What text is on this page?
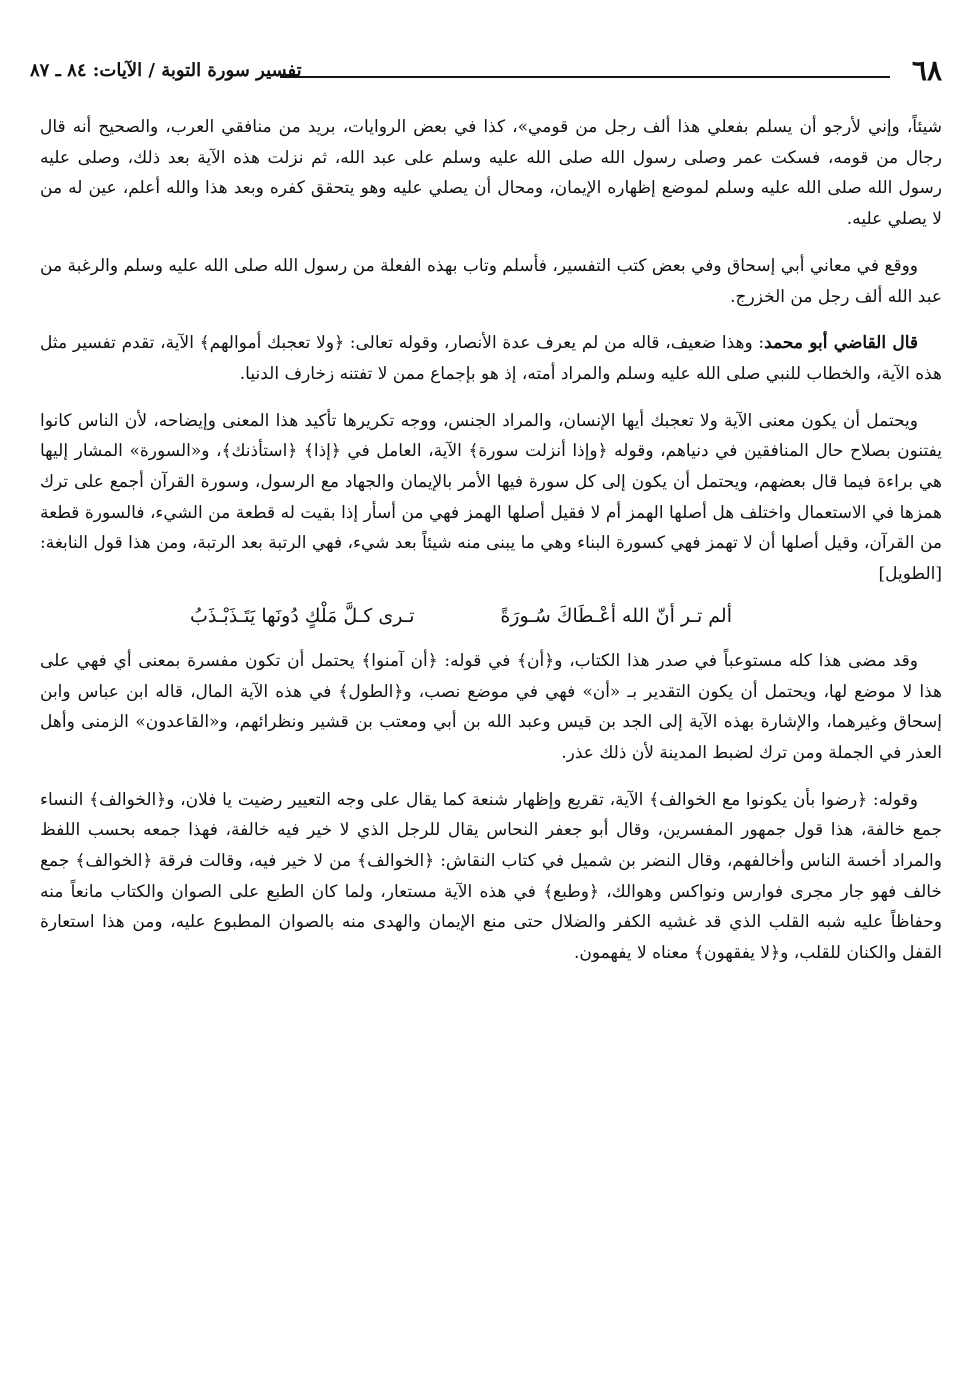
٦٨
تفسير سورة التوبة / الآيات: ٨٤ ـ ٨٧

شيئاً، وإني لأرجو أن يسلم بفعلي هذا ألف رجل من قومي»، كذا في بعض الروايات، بريد من منافقي العرب، والصحيح أنه قال رجال من قومه، فسكت عمر وصلى رسول الله صلى الله عليه وسلم على عبد الله، ثم نزلت هذه الآية بعد ذلك، وصلى عليه رسول الله صلى الله عليه وسلم لموضع إظهاره الإيمان، ومحال أن يصلي عليه وهو يتحقق كفره وبعد هذا والله أعلم، عين له من لا يصلي عليه.

ووقع في معاني أبي إسحاق وفي بعض كتب التفسير، فأسلم وتاب بهذه الفعلة من رسول الله صلى الله عليه وسلم والرغبة من عبد الله ألف رجل من الخزرج.

قال القاضي أبو محمد: وهذا ضعيف، قاله من لم يعرف عدة الأنصار، وقوله تعالى: ﴿ولا تعجبك أموالهم﴾ الآية، تقدم تفسير مثل هذه الآية، والخطاب للنبي صلى الله عليه وسلم والمراد أمته، إذ هو بإجماع ممن لا تفتنه زخارف الدنيا.

ويحتمل أن يكون معنى الآية ولا تعجبك أيها الإنسان، والمراد الجنس، ووجه تكريرها تأكيد هذا المعنى وإيضاحه، لأن الناس كانوا يفتنون بصلاح حال المنافقين في دنياهم، وقوله ﴿وإذا أنزلت سورة﴾ الآية، العامل في ﴿إذا﴾ ﴿استأذنك﴾، و«السورة» المشار إليها هي براءة فيما قال بعضهم، ويحتمل أن يكون إلى كل سورة فيها الأمر بالإيمان والجهاد مع الرسول، وسورة القرآن أجمع على ترك همزها في الاستعمال واختلف هل أصلها الهمز أم لا فقيل أصلها الهمز فهي من أسأر إذا بقيت له قطعة من الشيء، فالسورة قطعة من القرآن، وقيل أصلها أن لا تهمز فهي كسورة البناء وهي ما يبنى منه شيئاً بعد شيء، فهي الرتبة بعد الرتبة، ومن هذا قول النابغة: [الطويل]

ألم تـر أنّ الله أعْـطَاكَ سُـورَةً
تـرى كـلَّ مَلْكٍ دُونَها يَتَـذَبْـذَبُ

وقد مضى هذا كله مستوعباً في صدر هذا الكتاب، و﴿أن﴾ في قوله: ﴿أن آمنوا﴾ يحتمل أن تكون مفسرة بمعنى أي فهي على هذا لا موضع لها، ويحتمل أن يكون التقدير بـ «أن» فهي في موضع نصب، و﴿الطول﴾ في هذه الآية المال، قاله ابن عباس وابن إسحاق وغيرهما، والإشارة بهذه الآية إلى الجد بن قيس وعبد الله بن أبي ومعتب بن قشير ونظرائهم، و«القاعدون» الزمنى وأهل العذر في الجملة ومن ترك لضبط المدينة لأن ذلك عذر.

وقوله: ﴿رضوا بأن يكونوا مع الخوالف﴾ الآية، تقريع وإظهار شنعة كما يقال على وجه التعيير رضيت يا فلان، و﴿الخوالف﴾ النساء جمع خالفة، هذا قول جمهور المفسرين، وقال أبو جعفر النحاس يقال للرجل الذي لا خير فيه خالفة، فهذا جمعه بحسب اللفظ والمراد أخسة الناس وأخالفهم، وقال النضر بن شميل في كتاب النقاش: ﴿الخوالف﴾ من لا خير فيه، وقالت فرقة ﴿الخوالف﴾ جمع خالف فهو جار مجرى فوارس ونواكس وهوالك، ﴿وطبع﴾ في هذه الآية مستعار، ولما كان الطبع على الصوان والكتاب مانعاً منه وحفاظاً عليه شبه القلب الذي قد غشيه الكفر والضلال حتى منع الإيمان والهدى منه بالصوان المطبوع عليه، ومن هذا استعارة القفل والكنان للقلب، و﴿لا يفقهون﴾ معناه لا يفهمون.
